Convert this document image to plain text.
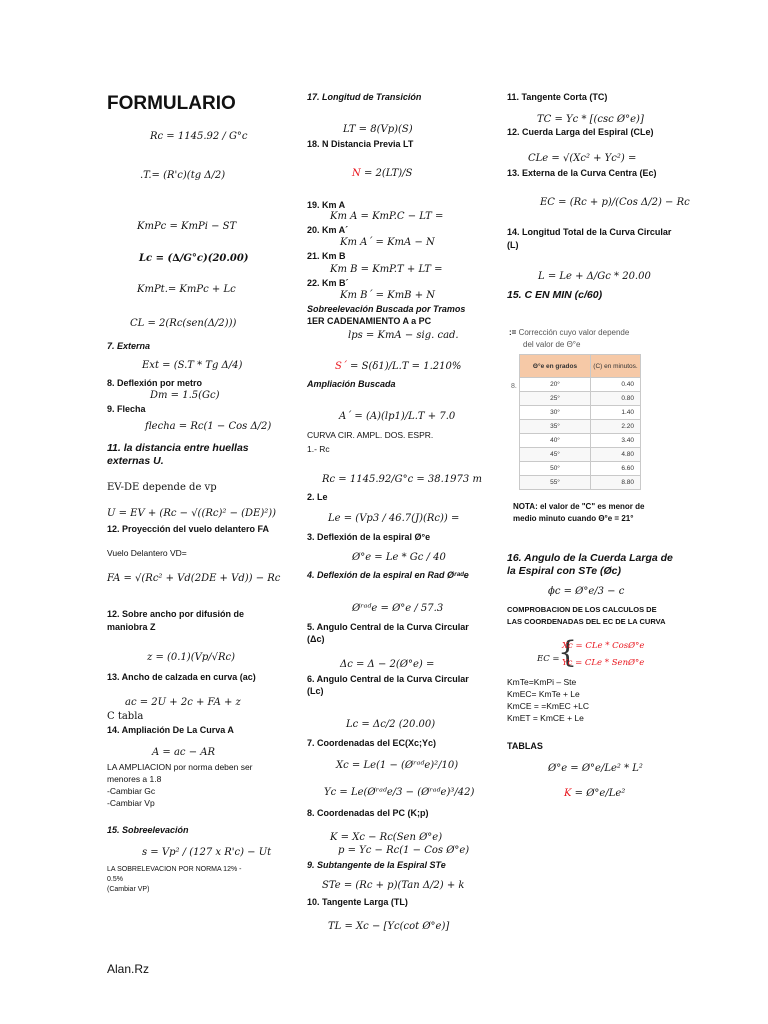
FORMULARIO
Rc = 1145.92 / G°c
.T.= (R'c)(tg Δ/2)
KmPc = KmPi − ST
Lc = (∆/G°c)(20.00)
KmPt.= KmPc + Lc
CL = 2(Rc(sen(Δ/2)))
7. Externa
Ext = (S.T * Tg Δ/4)
8. Deflexión por metro
Dm = 1.5(Gc)
9. Flecha
flecha = Rc(1 − Cos Δ/2)
11. la distancia entre huellas
externas U.
EV-DE depende de vp
U = EV + (Rc − √((Rc)² − (DE)²))
12. Proyección del vuelo delantero FA
Vuelo Delantero VD=
FA = √(Rc² + Vd(2DE + Vd)) − Rc
12. Sobre ancho por difusión de
maniobra Z
z = (0.1)(Vp/√Rc)
13. Ancho de calzada en curva (ac)
ac = 2U + 2c + FA + z
C tabla
14. Ampliación De La Curva A
A = ac − AR
LA AMPLIACION por norma deben ser
menores a 1.8
-Cambiar Gc
-Cambiar Vp
15. Sobreelevación
s = Vp² / (127 x R'c) − Ut
LA SOBRELEVACION POR NORMA 12% -
0.5%
(Cambiar VP)
17. Longitud de Transición
LT = 8(Vp)(S)
18. N Distancia Previa LT
N = 2(LT)/S
19. Km A
Km A = KmP.C − LT =
20. Km A´
Km A´ = KmA − N
21. Km B
Km B = KmP.T + LT =
22. Km B´
Km B´ = KmB + N
Sobreelevación Buscada por Tramos
1ER CADENAMIENTO A a PC
lps = KmA − sig. cad.
S´ = S(δ1)/L.T = 1.210%
Ampliación Buscada
A´ = (A)(lp1)/L.T + 7.0
CURVA CIR. AMPL. DOS. ESPR.
1.- Rc
Rc = 1145.92/G°c = 38.1973 m
2. Le
Le = (Vp3 / 46.7(J)(Rc)) =
3. Deflexión de la espiral Ø°e
Ø°e = Le * Gc / 40
4. Deflexión de la espiral en Rad Øʳᵃᵈe
Øʳᵃᵈe = Ø°e / 57.3
5. Angulo Central de la Curva Circular
(Δc)
Δc = Δ − 2(Ø°e) =
6. Angulo Central de la Curva Circular
(Lc)
Lc = Δc/2 (20.00)
7. Coordenadas del EC(Xc;Yc)
Xc = Le(1 − (Øʳᵃᵈe)²/10)
Yc = Le(Øʳᵃᵈe/3 − (Øʳᵃᵈe)³/42)
8. Coordenadas del PC (K;p)
K = Xc − Rc(Sen Ø°e)
p = Yc − Rc(1 − Cos Ø°e)
9. Subtangente de la Espiral STe
STe = (Rc + p)(Tan Δ/2) + k
10. Tangente Larga (TL)
TL = Xc − [Yc(cot Ø°e)]
11. Tangente Corta (TC)
TC = Yc * [(csc Ø°e)]
12. Cuerda Larga del Espiral (CLe)
CLe = √(Xc² + Yc²) =
13. Externa de la Curva Centra (Ec)
EC = (Rc + p)/(Cos Δ/2) − Rc
14. Longitud Total de la Curva Circular
(L)
L = Le + Δ/Gc * 20.00
15. C EN MIN (c/60)
:= Corrección cuyo valor depende
del valor de Θ°e
8.
Θ°e en grados	(C) en minutos.
20°	0.40
25°	0.80
30°	1.40
35°	2.20
40°	3.40
45°	4.80
50°	6.60
55°	8.80
NOTA: el valor de "C" es menor de
medio minuto cuando Θ°e = 21°
16. Angulo de la Cuerda Larga de
la Espiral con STe (Øc)
ϕc = Ø°e/3 − c
COMPROBACION DE LOS CALCULOS DE
LAS COORDENADAS DEL EC DE LA CURVA
EC =
{
Xc = CLe * CosØ°e
Yc = CLe * SenØ°e
KmTe=KmPi – Ste
KmEC= KmTe + Le
KmCE = =KmEC +LC
KmET = KmCE + Le
TABLAS
Ø°e = Ø°e/Le² * L²
K = Ø°e/Le²
Alan.Rz
